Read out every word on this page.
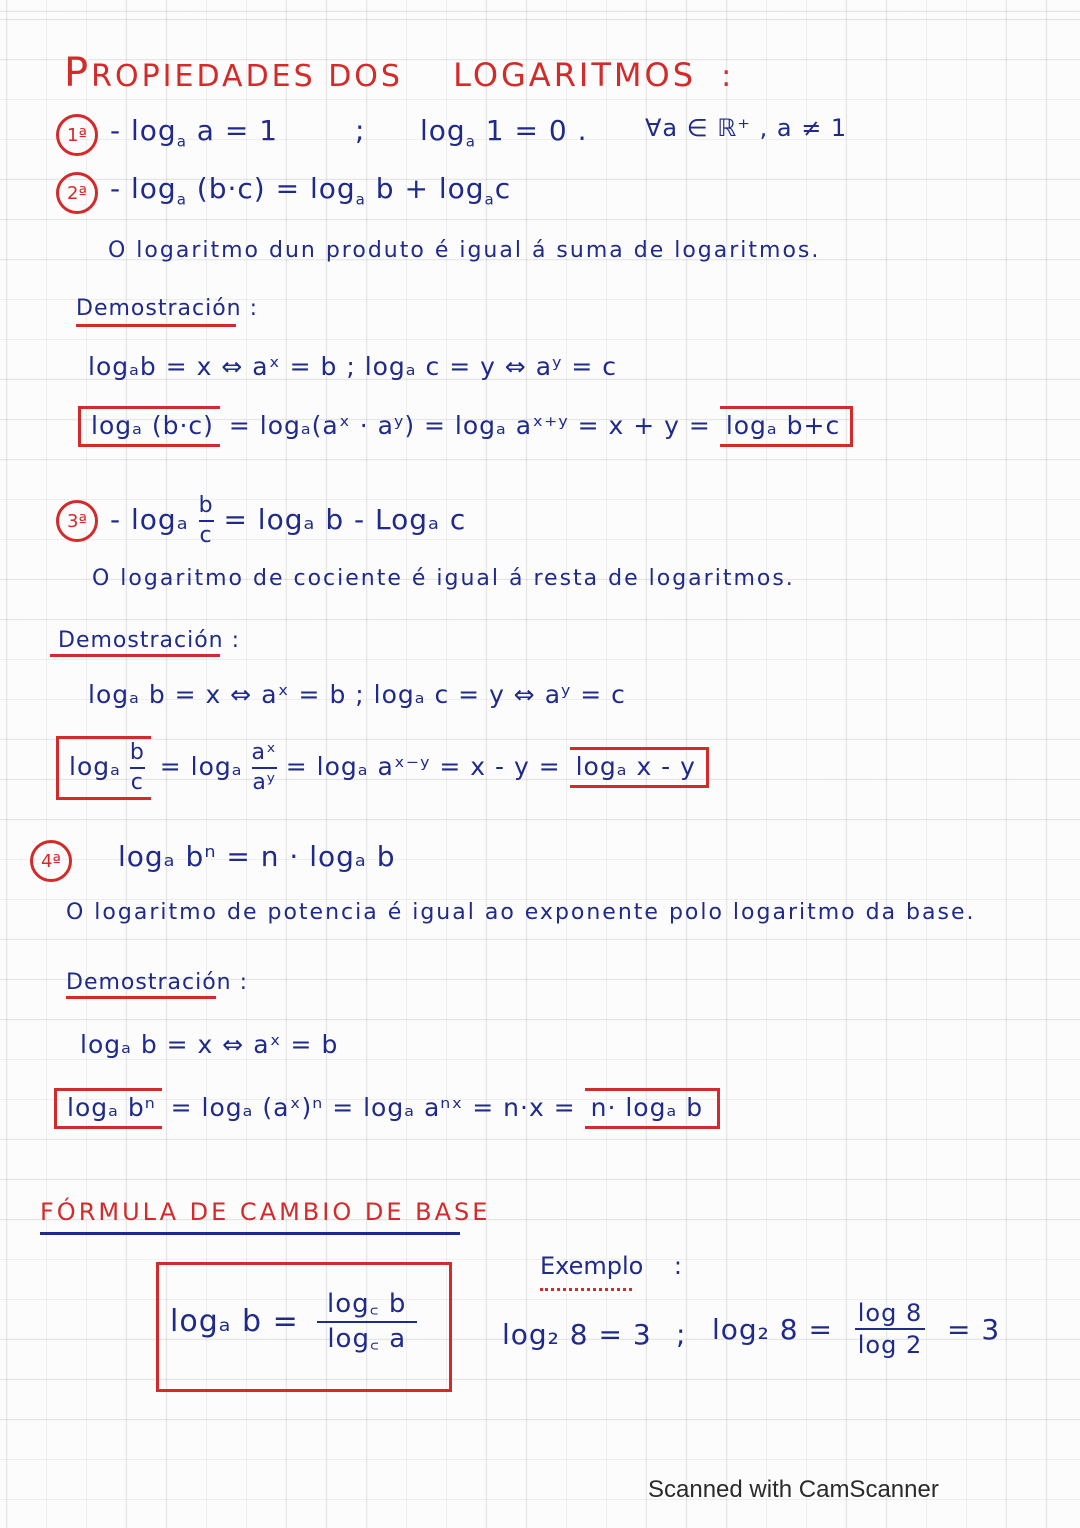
PROPIEDADES DOS LOGARITMOS :
1ª - $\log_a a = 1$	; $\log_a 1 = 0$ . ∀a ∈ ℝ⁺ , a ≠ 1
2ª - $\log_a (b\cdot c) = \log_a b + \log_ac$
O logaritmo dun produto é igual á suma de logaritmos.
Demostración :
logₐb = x ⇔ aˣ = b ; logₐ c = y ⇔ aʸ = c
logₐ (b·c) = logₐ(aˣ · aʸ) = logₐ aˣ⁺ʸ = x + y = logₐ b+c
3ª - logₐ $\frac{b}{c} = \log_a$ b - Logₐ c
O logaritmo de cociente é igual á resta de logaritmos.
Demostración :
logₐ b = x ⇔ aˣ = b ; logₐ c = y ⇔ aʸ = c
logₐ $\frac{b}{c} = \log_a \frac{\text{aˣ}}{\text{aʸ}} = \log_a$ aˣ⁻ʸ = x - y = logₐ x - y
4ª	logₐ bⁿ = n · logₐ b
O logaritmo de potencia é igual ao exponente polo logaritmo da base.
Demostración :
logₐ b = x ⇔ aˣ = b
logₐ bⁿ = logₐ (aˣ)ⁿ = logₐ aⁿˣ = n·x = n· logₐ b
FÓRMULA DE CAMBIO DE BASE
logₐ $b = \frac{\log꜀ b}{\log꜀ a}$
Exemplo :
log₂ 8 = 3 ; log₂ $8 = \frac{\log 8}{\log 2} = 3$
Scanned with CamScanner
